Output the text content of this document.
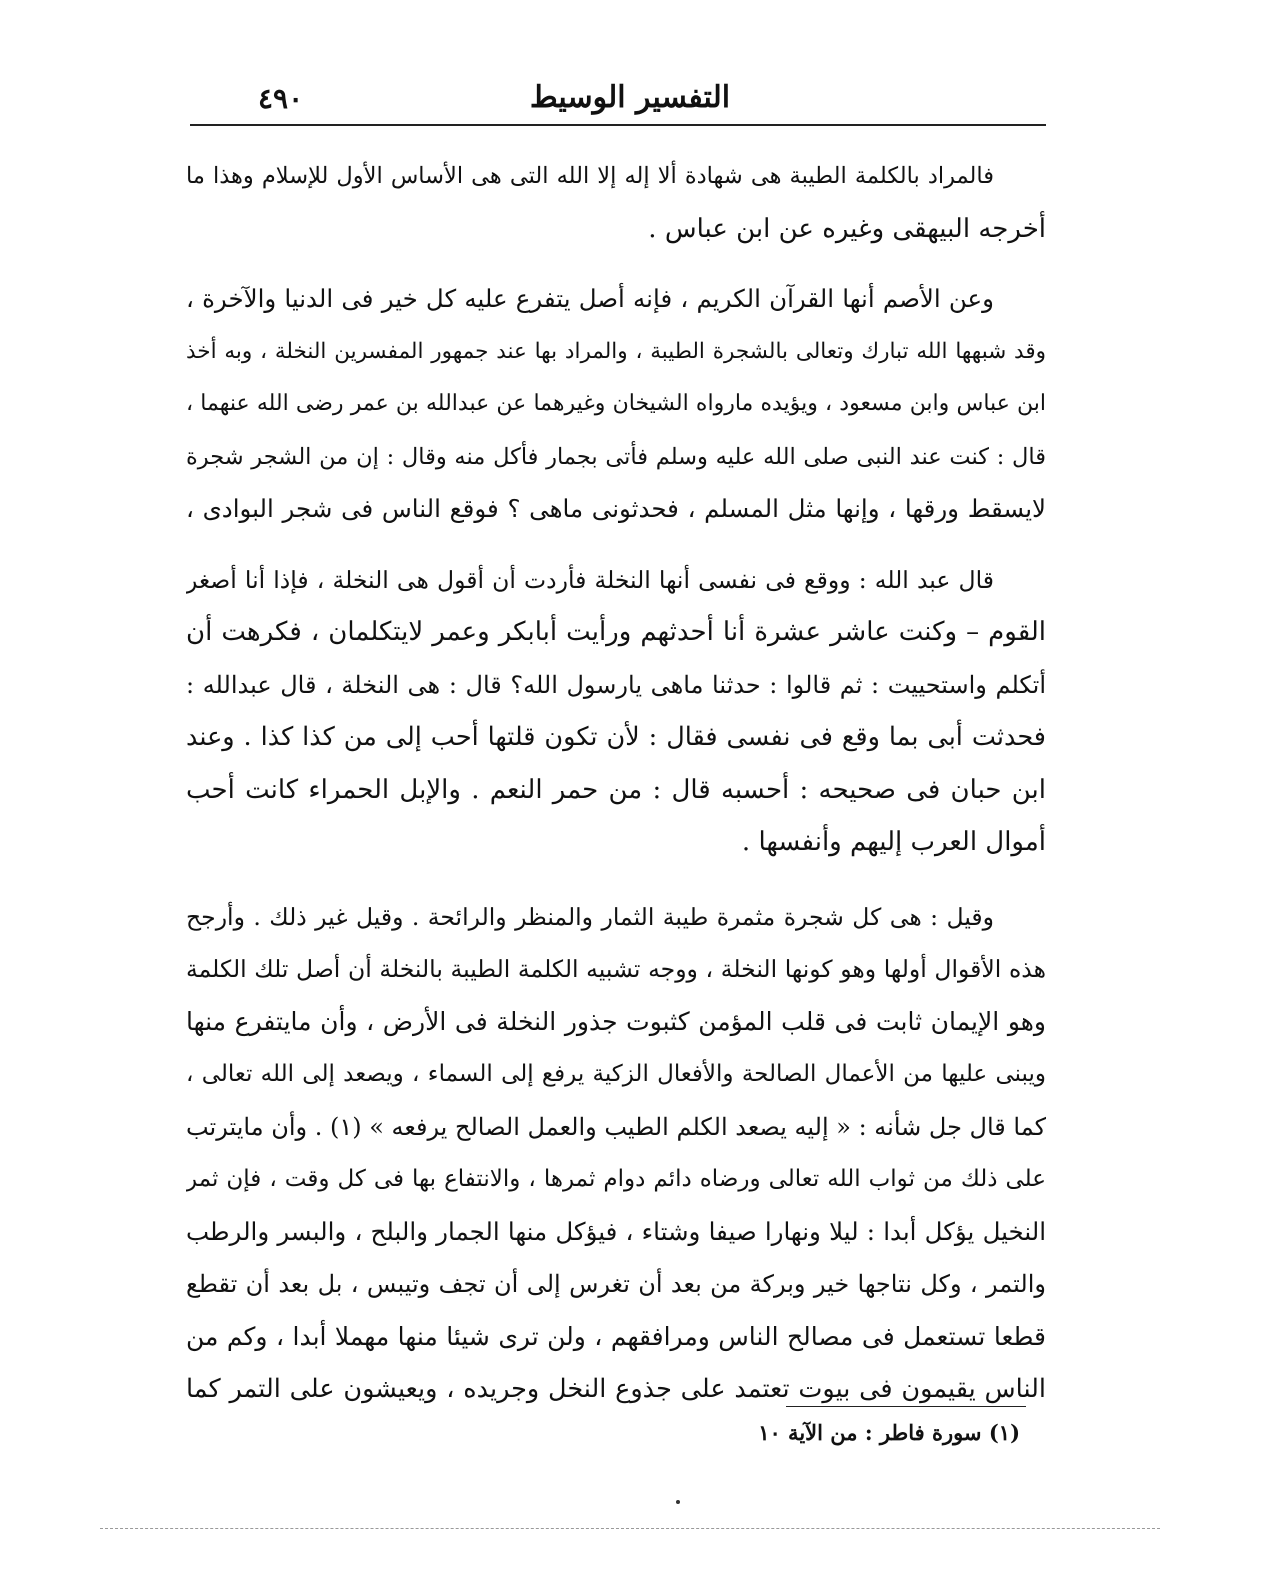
٤٩٠	التفسير الوسيط
فالمراد بالكلمة الطيبة هى شهادة ألا إله إلا الله التى هى الأساس الأول للإسلام وهذا ما
أخرجه البيهقى وغيره عن ابن عباس .
وعن الأصم أنها القرآن الكريم ، فإنه أصل يتفرع عليه كل خير فى الدنيا والآخرة ،
وقد شبهها الله تبارك وتعالى بالشجرة الطيبة ، والمراد بها عند جمهور المفسرين النخلة ، وبه أخذ
ابن عباس وابن مسعود ، ويؤيده مارواه الشيخان وغيرهما عن عبدالله بن عمر رضى الله عنهما ،
قال : كنت عند النبى صلى الله عليه وسلم فأتى بجمار فأكل منه وقال : إن من الشجر شجرة
لايسقط ورقها ، وإنها مثل المسلم ، فحدثونى ماهى ؟ فوقع الناس فى شجر البوادى ،
قال عبد الله : ووقع فى نفسى أنها النخلة فأردت أن أقول هى النخلة ، فإذا أنا أصغر
القوم – وكنت عاشر عشرة أنا أحدثهم ورأيت أبابكر وعمر لايتكلمان ، فكرهت أن
أتكلم واستحييت : ثم قالوا : حدثنا ماهى يارسول الله؟ قال : هى النخلة ، قال عبدالله :
فحدثت أبى بما وقع فى نفسى فقال : لأن تكون قلتها أحب إلى من كذا كذا . وعند
ابن حبان فى صحيحه : أحسبه قال : من حمر النعم . والإبل الحمراء كانت أحب
أموال العرب إليهم وأنفسها .
وقيل : هى كل شجرة مثمرة طيبة الثمار والمنظر والرائحة . وقيل غير ذلك . وأرجح
هذه الأقوال أولها وهو كونها النخلة ، ووجه تشبيه الكلمة الطيبة بالنخلة أن أصل تلك الكلمة
وهو الإيمان ثابت فى قلب المؤمن كثبوت جذور النخلة فى الأرض ، وأن مايتفرع منها
ويبنى عليها من الأعمال الصالحة والأفعال الزكية يرفع إلى السماء ، ويصعد إلى الله تعالى ،
كما قال جل شأنه : « إليه يصعد الكلم الطيب والعمل الصالح يرفعه » (١) . وأن مايترتب
على ذلك من ثواب الله تعالى ورضاه دائم دوام ثمرها ، والانتفاع بها فى كل وقت ، فإن ثمر
النخيل يؤكل أبدا : ليلا ونهارا صيفا وشتاء ، فيؤكل منها الجمار والبلح ، والبسر والرطب
والتمر ، وكل نتاجها خير وبركة من بعد أن تغرس إلى أن تجف وتيبس ، بل بعد أن تقطع
قطعا تستعمل فى مصالح الناس ومرافقهم ، ولن ترى شيئا منها مهملا أبدا ، وكم من
الناس يقيمون فى بيوت تعتمد على جذوع النخل وجريده ، ويعيشون على التمر كما
(١) سورة فاطر : من الآية ١٠
